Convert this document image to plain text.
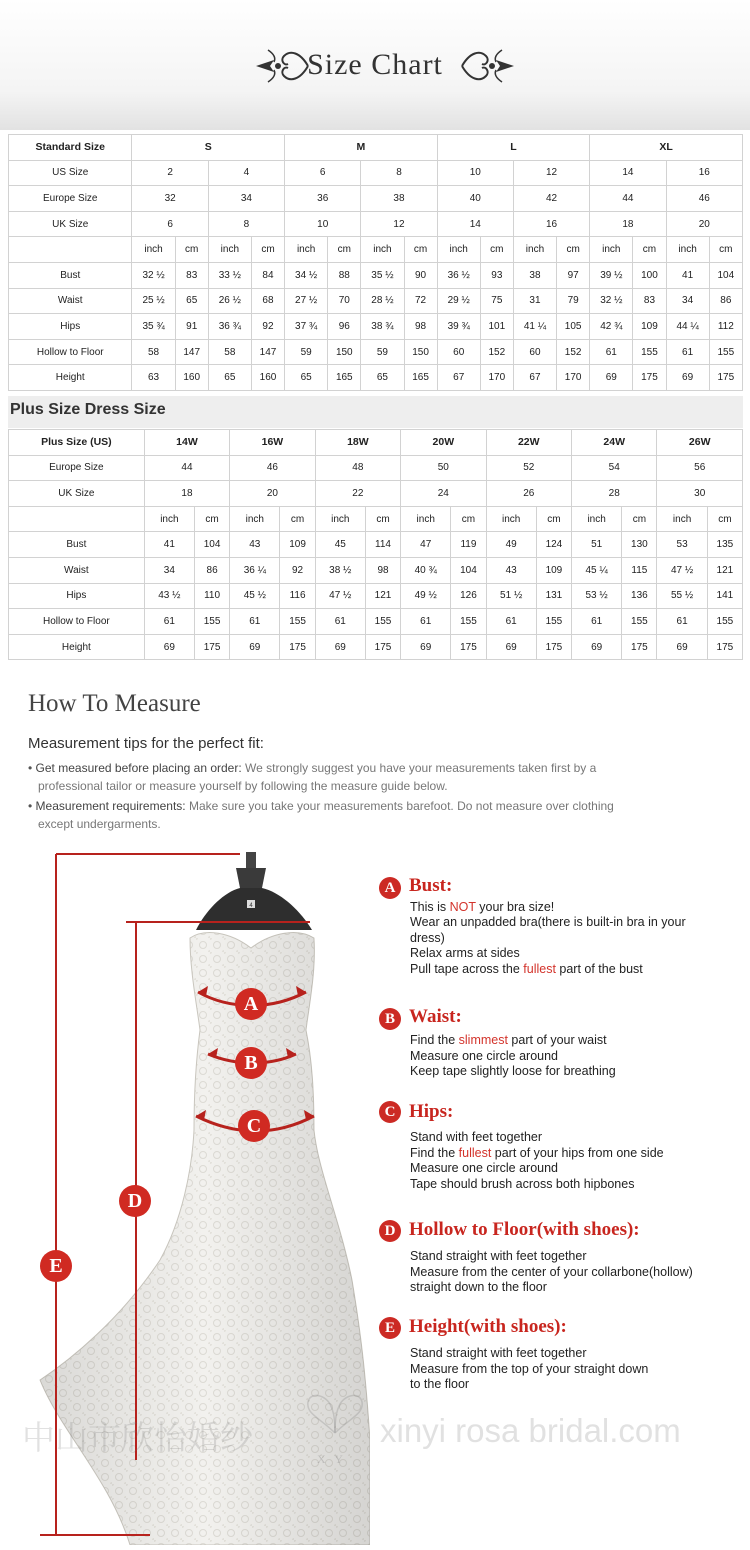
Size Chart
Standard Size	S				M				L				XL			
US Size	2		4		6		8		10		12		14		16	
Europe Size	32		34		36		38		40		42		44		46	
UK Size	6		8		10		12		14		16		18		20	
	inch	cm	inch	cm	inch	cm	inch	cm	inch	cm	inch	cm	inch	cm	inch	cm
Bust	32 ½	83	33 ½	84	34 ½	88	35 ½	90	36 ½	93	38	97	39 ½	100	41	104
Waist	25 ½	65	26 ½	68	27 ½	70	28 ½	72	29 ½	75	31	79	32 ½	83	34	86
Hips	35 ¾	91	36 ¾	92	37 ¾	96	38 ¾	98	39 ¾	101	41 ¼	105	42 ¾	109	44 ¼	112
Hollow to Floor	58	147	58	147	59	150	59	150	60	152	60	152	61	155	61	155
Height	63	160	65	160	65	165	65	165	67	170	67	170	69	175	69	175
Plus Size Dress Size
Plus Size (US)	14W		16W		18W		20W		22W		24W		26W	
Europe Size	44		46		48		50		52		54		56	
UK Size	18		20		22		24		26		28		30	
	inch	cm	inch	cm	inch	cm	inch	cm	inch	cm	inch	cm	inch	cm
Bust	41	104	43	109	45	114	47	119	49	124	51	130	53	135
Waist	34	86	36 ¼	92	38 ½	98	40 ¾	104	43	109	45 ¼	115	47 ½	121
Hips	43 ½	110	45 ½	116	47 ½	121	49 ½	126	51 ½	131	53 ½	136	55 ½	141
Hollow to Floor	61	155	61	155	61	155	61	155	61	155	61	155	61	155
Height	69	175	69	175	69	175	69	175	69	175	69	175	69	175
How To Measure
Measurement tips for the perfect fit:
• Get measured before placing an order: We strongly suggest you have your measurements taken first by a
professional tailor or measure yourself by following the measure guide below.
• Measurement requirements: Make sure you take your measurements barefoot. Do not measure over clothing
except undergarments.
4
A
B
C
D
E
A Bust:
This is NOT your bra size!
Wear an unpadded bra(there is built-in bra in your
dress)
Relax arms at sides
Pull tape across the fullest part of the bust
B Waist:
Find the slimmest part of your waist
Measure one circle around
Keep tape slightly loose for breathing
C Hips:
Stand with feet together
Find the fullest part of your hips from one side
Measure one circle around
Tape should brush across both hipbones
D Hollow to Floor(with shoes):
Stand straight with feet together
Measure from the center of your collarbone(hollow)
straight down to the floor
E Height(with shoes):
Stand straight with feet together
Measure from the top of your straight down
to the floor
中山市欣怡婚纱
X Y
xinyi rosa bridal.com
